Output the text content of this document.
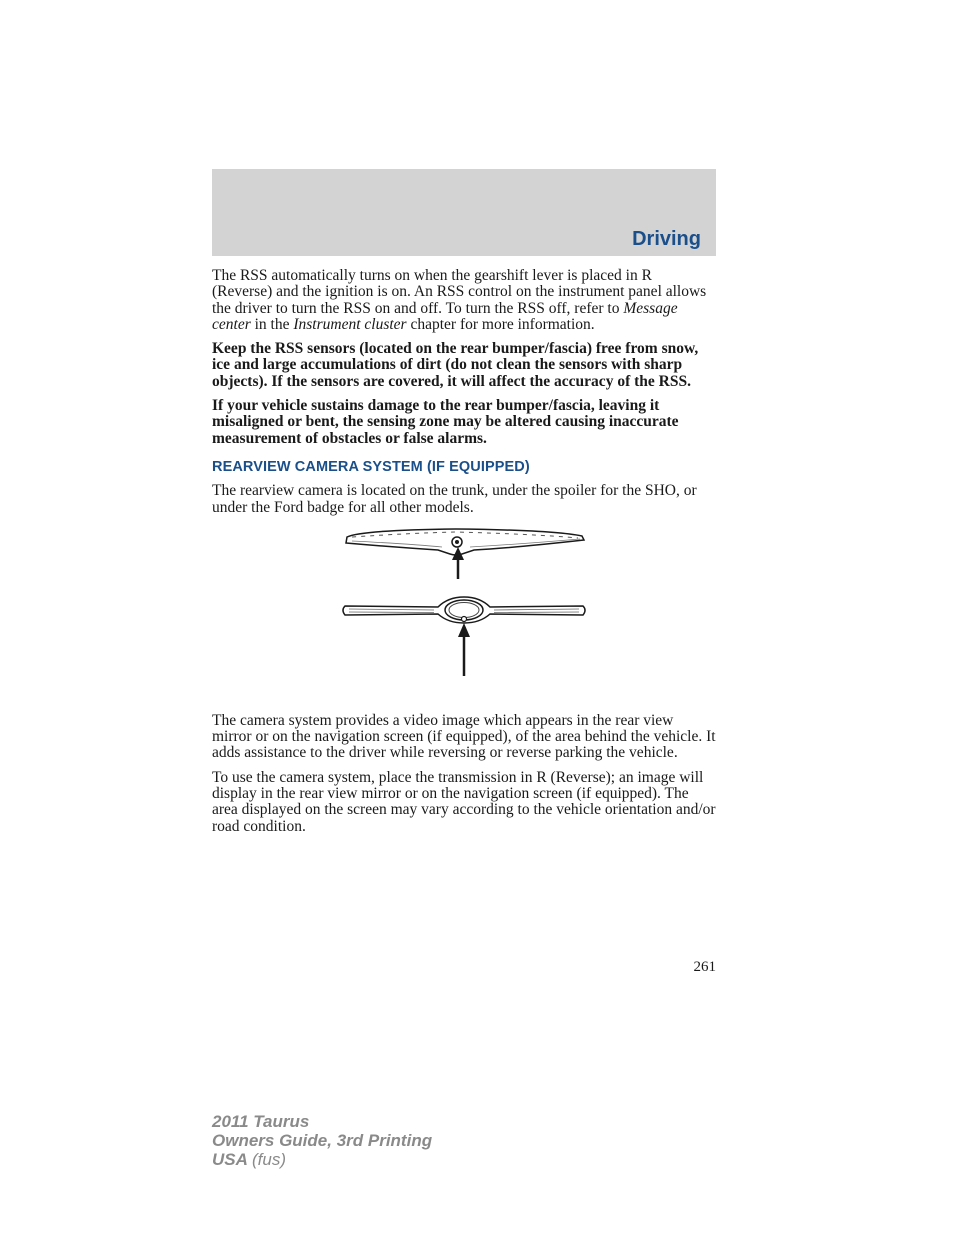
Driving

The RSS automatically turns on when the gearshift lever is placed in R (Reverse) and the ignition is on. An RSS control on the instrument panel allows the driver to turn the RSS on and off. To turn the RSS off, refer to Message center in the Instrument cluster chapter for more information.

Keep the RSS sensors (located on the rear bumper/fascia) free from snow, ice and large accumulations of dirt (do not clean the sensors with sharp objects). If the sensors are covered, it will affect the accuracy of the RSS.

If your vehicle sustains damage to the rear bumper/fascia, leaving it misaligned or bent, the sensing zone may be altered causing inaccurate measurement of obstacles or false alarms.

REARVIEW CAMERA SYSTEM (IF EQUIPPED)

The rearview camera is located on the trunk, under the spoiler for the SHO, or under the Ford badge for all other models.

The camera system provides a video image which appears in the rear view mirror or on the navigation screen (if equipped), of the area behind the vehicle. It adds assistance to the driver while reversing or reverse parking the vehicle.

To use the camera system, place the transmission in R (Reverse); an image will display in the rear view mirror or on the navigation screen (if equipped). The area displayed on the screen may vary according to the vehicle orientation and/or road condition.

261
2011 Taurus
Owners Guide, 3rd Printing
USA (fus)
